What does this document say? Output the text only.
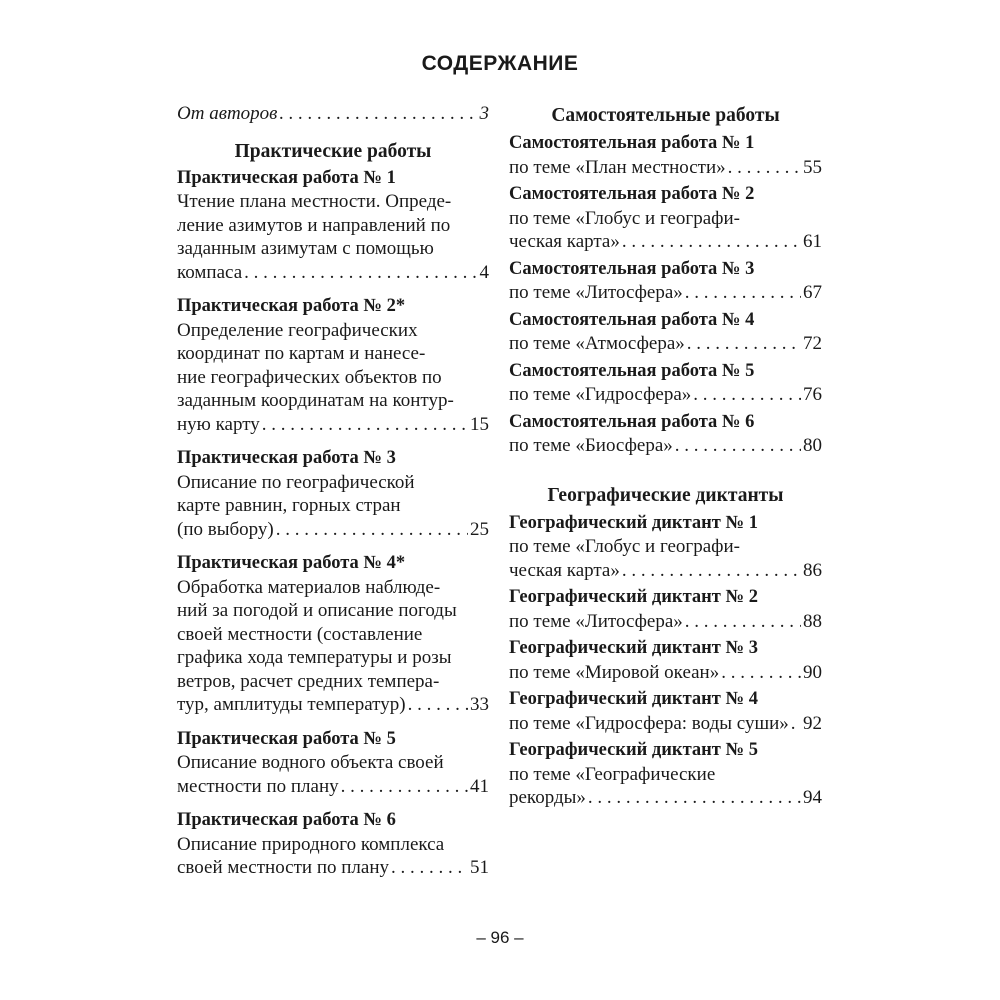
СОДЕРЖАНИЕ
От авторов . . .	3
Практические работы
Практическая работа № 1
Чтение плана местности. Опреде-
ление азимутов и направлений по
заданным азимутам с помощью
компаса . . .	4
Практическая работа № 2*
Определение географических
координат по картам и нанесе-
ние географических объектов по
заданным координатам на контур-
ную карту . . .	15
Практическая работа № 3
Описание по географической
карте равнин, горных стран
(по выбору) . . .	25
Практическая работа № 4*
Обработка материалов наблюде-
ний за погодой и описание погоды
своей местности (составление
графика хода температуры и розы
ветров, расчет средних темпера-
тур, амплитуды температур) . . .	33
Практическая работа № 5
Описание водного объекта своей
местности по плану . . .	41
Практическая работа № 6
Описание природного комплекса
своей местности по плану . . .	51
Самостоятельные работы
Самостоятельная работа № 1
по теме «План местности» . . .	55
Самостоятельная работа № 2
по теме «Глобус и географи-
ческая карта» . . .	61
Самостоятельная работа № 3
по теме «Литосфера» . . .	67
Самостоятельная работа № 4
по теме «Атмосфера» . . .	72
Самостоятельная работа № 5
по теме «Гидросфера» . . .	76
Самостоятельная работа № 6
по теме «Биосфера» . . .	80
Географические диктанты
Географический диктант № 1
по теме «Глобус и географи-
ческая карта» . . .	86
Географический диктант № 2
по теме «Литосфера» . . .	88
Географический диктант № 3
по теме «Мировой океан» . . .	90
Географический диктант № 4
по теме «Гидросфера: воды суши» . . . 92
Географический диктант № 5
по теме «Географические
рекорды» . . .	94
– 96 –
